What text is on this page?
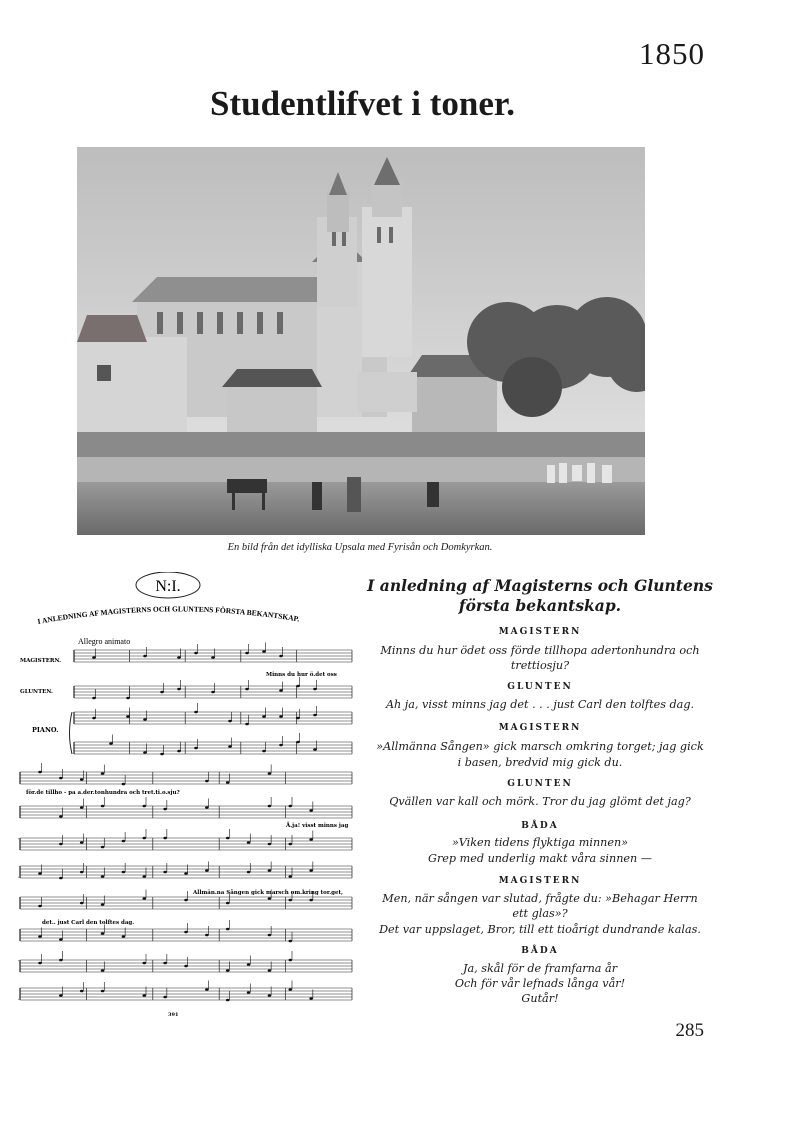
1850
Studentlifvet i toner.
En bild från det idylliska Upsala med Fyrisån och Domkyrkan.
N:I.
I ANLEDNING AF MAGISTERNS OCH GLUNTENS FÖRSTA BEKANTSKAP.
Allegro animato
MAGISTERN.
GLUNTEN.
PIANO.
Minns du hur ö.det oss
för.de tillho - pa a.der.tonhundra och tret.ti.o.sju?
Å.ja! visst minns jag
det.. just Carl den tolftes dag.
Allmän.na Sången gick marsch om.kring tor.get,
391
I anledning af Magisterns och Gluntens
första bekantskap.
MAGISTERN
Minns du hur ödet oss förde tillhopa adertonhundra och
trettiosju?
GLUNTEN
Ah ja, visst minns jag det . . . just Carl den tolftes dag.
MAGISTERN
»Allmänna Sången» gick marsch omkring torget; jag gick
i basen, bredvid mig gick du.
GLUNTEN
Qvällen var kall och mörk. Tror du jag glömt det jag?
BÅDA
»Viken tidens flyktiga minnen»
Grep med underlig makt våra sinnen —
MAGISTERN
Men, när sången var slutad, frågte du: »Behagar Herrn
ett glas»?
Det var uppslaget, Bror, till ett tioårigt dundrande kalas.
BÅDA
Ja, skål för de framfarna år
Och för vår lefnads långa vår!
Gutår!
285
